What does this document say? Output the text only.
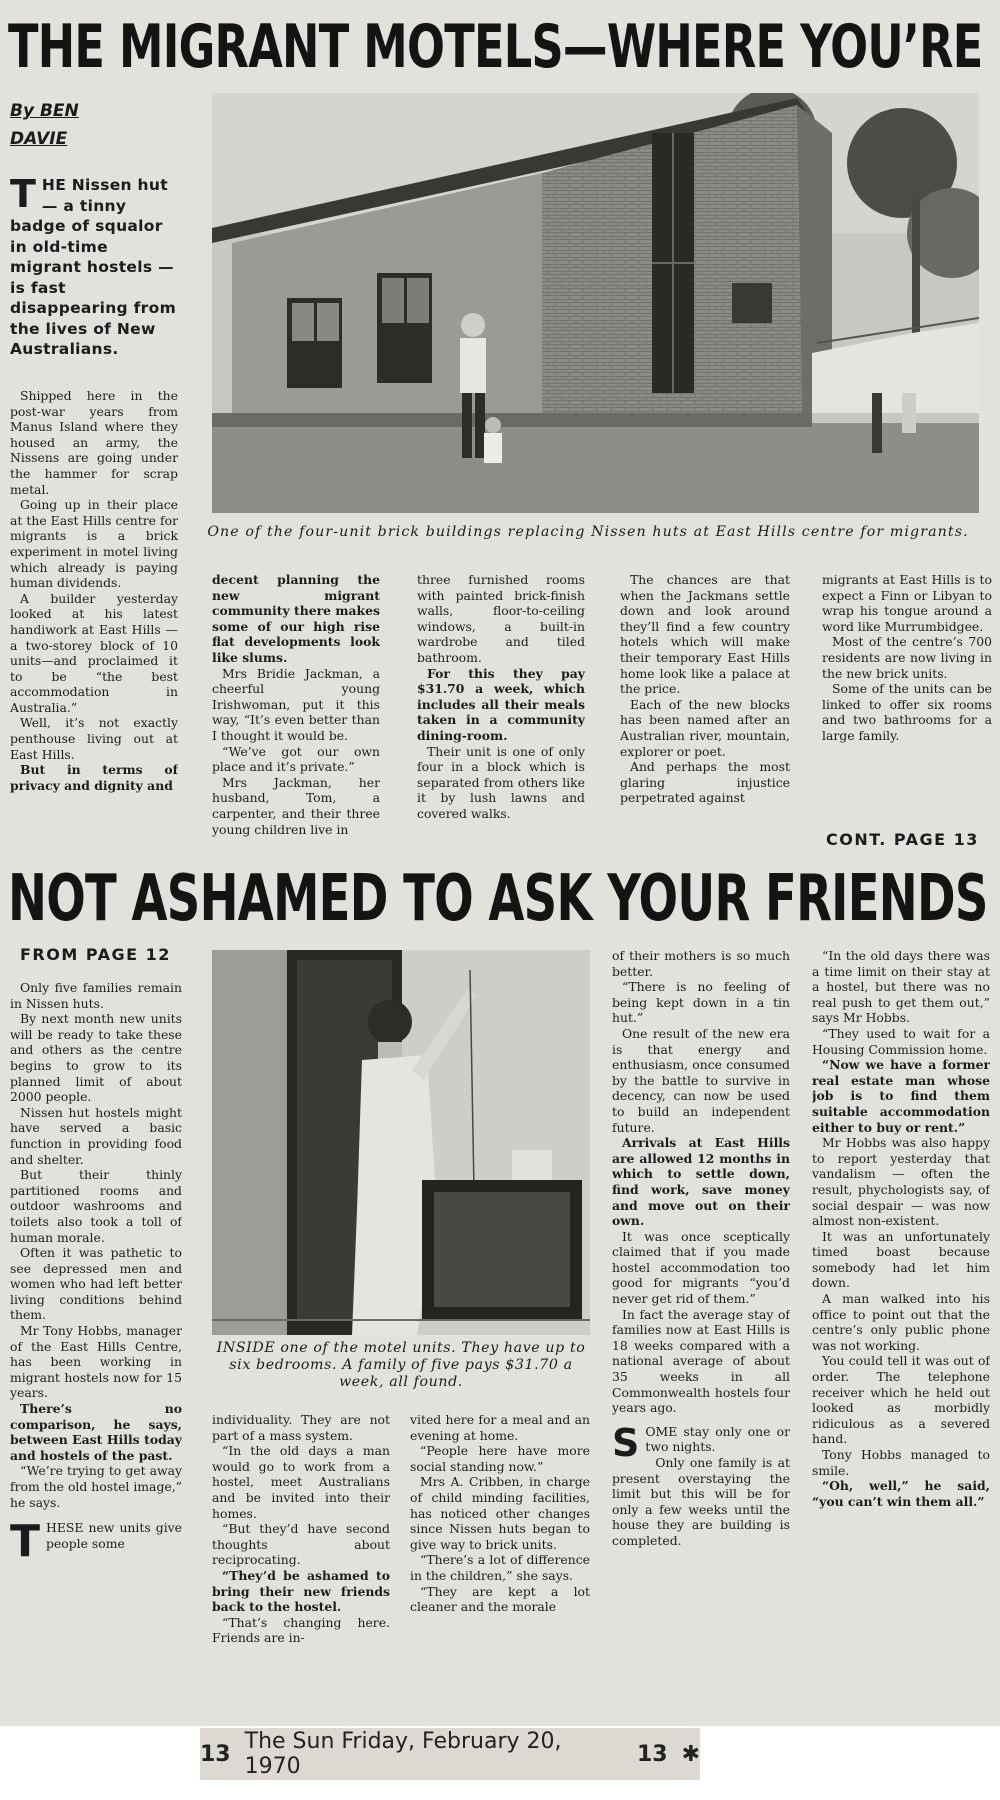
THE MIGRANT MOTELS—WHERE YOU’RE
By BEN
DAVIE
T HE Nissen hut — a tinny badge of squalor in old-time migrant hostels —is fast disappearing from the lives of New Australians.

Shipped here in the post-war years from Manus Island where they housed an army, the Nissens are going under the hammer for scrap metal.

Going up in their place at the East Hills centre for migrants is a brick experiment in motel living which already is paying human dividends.

A builder yesterday looked at his latest handiwork at East Hills — a two-storey block of 10 units—and proclaimed it to be “the best accommodation in Australia.”

Well, it’s not exactly penthouse living out at East Hills.

But in terms of privacy and dignity and

One of the four-unit brick buildings replacing Nissen huts at East Hills centre for migrants.

decent planning the new migrant community there makes some of our high rise flat developments look like slums.

Mrs Bridie Jackman, a cheerful young Irishwoman, put it this way, “It’s even better than I thought it would be.

“We’ve got our own place and it’s private.”

Mrs Jackman, her husband, Tom, a carpenter, and their three young children live in

three furnished rooms with painted brick-finish walls, floor-to-ceiling windows, a built-in wardrobe and tiled bathroom.

For this they pay $31.70 a week, which includes all their meals taken in a community dining-room.

Their unit is one of only four in a block which is separated from others like it by lush lawns and covered walks.

The chances are that when the Jackmans settle down and look around they’ll find a few country hotels which will make their temporary East Hills home look like a palace at the price.

Each of the new blocks has been named after an Australian river, mountain, explorer or poet.

And perhaps the most glaring injustice perpetrated against

migrants at East Hills is to expect a Finn or Libyan to wrap his tongue around a word like Murrumbidgee.

Most of the centre’s 700 residents are now living in the new brick units.

Some of the units can be linked to offer six rooms and two bathrooms for a large family.

CONT. PAGE 13
NOT ASHAMED TO ASK YOUR FRIENDS
FROM PAGE 12

Only five families remain in Nissen huts.

By next month new units will be ready to take these and others as the centre begins to grow to its planned limit of about 2000 people.

Nissen hut hostels might have served a basic function in providing food and shelter.

But their thinly partitioned rooms and outdoor washrooms and toilets also took a toll of human morale.

Often it was pathetic to see depressed men and women who had left better living conditions behind them.

Mr Tony Hobbs, manager of the East Hills Centre, has been working in migrant hostels now for 15 years.

There’s no comparison, he says, between East Hills today and hostels of the past.

“We’re trying to get away from the old hostel image,” he says.

T HESE new units give people some
INSIDE one of the motel units. They have up to six bedrooms. A family of five pays $31.70 a week, all found.

individuality. They are not part of a mass system.

“In the old days a man would go to work from a hostel, meet Australians and be invited into their homes.

“But they’d have second thoughts about reciprocating.

“They’d be ashamed to bring their new friends back to the hostel.

“That’s changing here. Friends are in-

vited here for a meal and an evening at home.

“People here have more social standing now.”

Mrs A. Cribben, in charge of child minding facilities, has noticed other changes since Nissen huts began to give way to brick units.

“There’s a lot of difference in the children,” she says.

“They are kept a lot cleaner and the morale

of their mothers is so much better.

“There is no feeling of being kept down in a tin hut.”

One result of the new era is that energy and enthusiasm, once consumed by the battle to survive in decency, can now be used to build an independent future.

Arrivals at East Hills are allowed 12 months in which to settle down, find work, save money and move out on their own.

It was once sceptically claimed that if you made hostel accommodation too good for migrants “you’d never get rid of them.”

In fact the average stay of families now at East Hills is 18 weeks compared with a national average of about 35 weeks in all Commonwealth hostels four years ago.

S OME stay only one or two nights.

Only one family is at present overstaying the limit but this will be for only a few weeks until the house they are building is completed.

“In the old days there was a time limit on their stay at a hostel, but there was no real push to get them out,” says Mr Hobbs.

“They used to wait for a Housing Commission home.

“Now we have a former real estate man whose job is to find them suitable accommodation either to buy or rent.”

Mr Hobbs was also happy to report yesterday that vandalism — often the result, phychologists say, of social despair — was now almost non-existent.

It was an unfortunately timed boast because somebody had let him down.

A man walked into his office to point out that the centre’s only public phone was not working.

You could tell it was out of order. The telephone receiver which he held out looked as morbidly ridiculous as a severed hand.

Tony Hobbs managed to smile.

“Oh, well,” he said, “you can’t win them all.”

13 The Sun Friday, February 20, 1970	13 ✱
